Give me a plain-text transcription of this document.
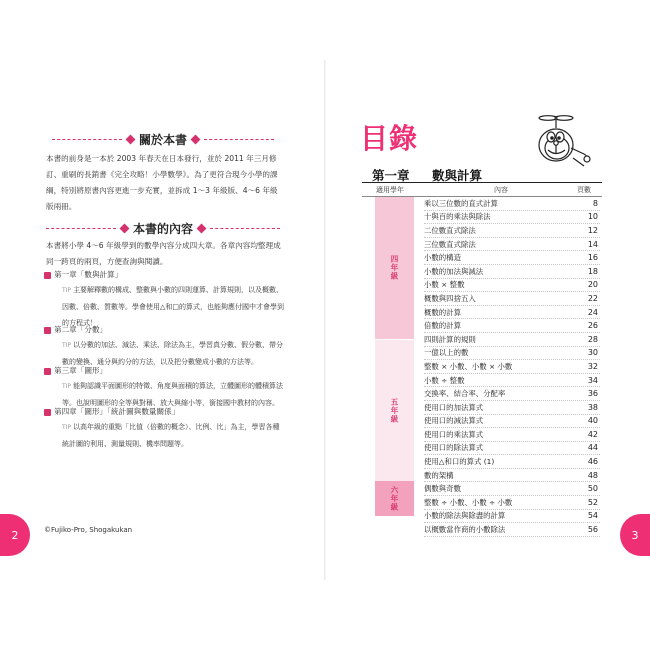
關於本書
本書的前身是一本於 2003 年春天在日本發行，並於 2011 年三月修訂、重刷的長銷書《完全攻略！小學數學》。為了更符合現今小學的課綱，特別將原書內容更進一步充實，並拆成 1〜3 年級版、4〜6 年級版兩冊。
本書的內容
本書將小學 4〜6 年級學到的數學內容分成四大章。各章內容均整理成同一跨頁的兩頁，方便查詢與閱讀。
第一章「數與計算」
TIP 主要解釋數的構成、整數與小數的四則運算、計算規則，以及概數、因數、倍數、質數等。學會使用△和□的算式，也能夠應付國中才會學到的方程式！
第二章「分數」
TIP 以分數的加法、減法、乘法、除法為主，學習真分數、假分數、帶分數的變換、通分與約分的方法，以及把分數變成小數的方法等。
第三章「圖形」
TIP 能夠認識平面圖形的特徵、角度與面積的算法，立體圖形的體積算法等。也說明圖形的全等與對稱、放大與縮小等，銜接國中教材的內容。
第四章「圖形」「統計圖與數量關係」
TIP 以高年級的重點「比值（倍數的概念）、比例、比」為主，學習各種統計圖的利用、測量規則、機率問題等。
2	©Fujiko-Pro, Shogakukan
目錄
第一章 數與計算
適用學年	內容	頁數
四年級
五年級
六年級
乘以三位數的直式計算	8
十與百的乘法與除法	10
二位數直式除法	12
三位數直式除法	14
小數的構造	16
小數的加法與減法	18
小數 × 整數	20
概數與四捨五入	22
概數的計算	24
倍數的計算	26
四則計算的規則	28
一億以上的數	30
整數 × 小數、小數 × 小數	32
小數 ÷ 整數	34
交換率、結合率、分配率	36
使用口的加法算式	38
使用口的減法算式	40
使用口的乘法算式	42
使用口的除法算式	44
使用△和口的算式 (1)	46
數的架構	48
偶數與奇數	50
整數 ÷ 小數、小數 ÷ 小數	52
小數的除法與除盡的計算	54
以概數當作商的小數除法	56	3
